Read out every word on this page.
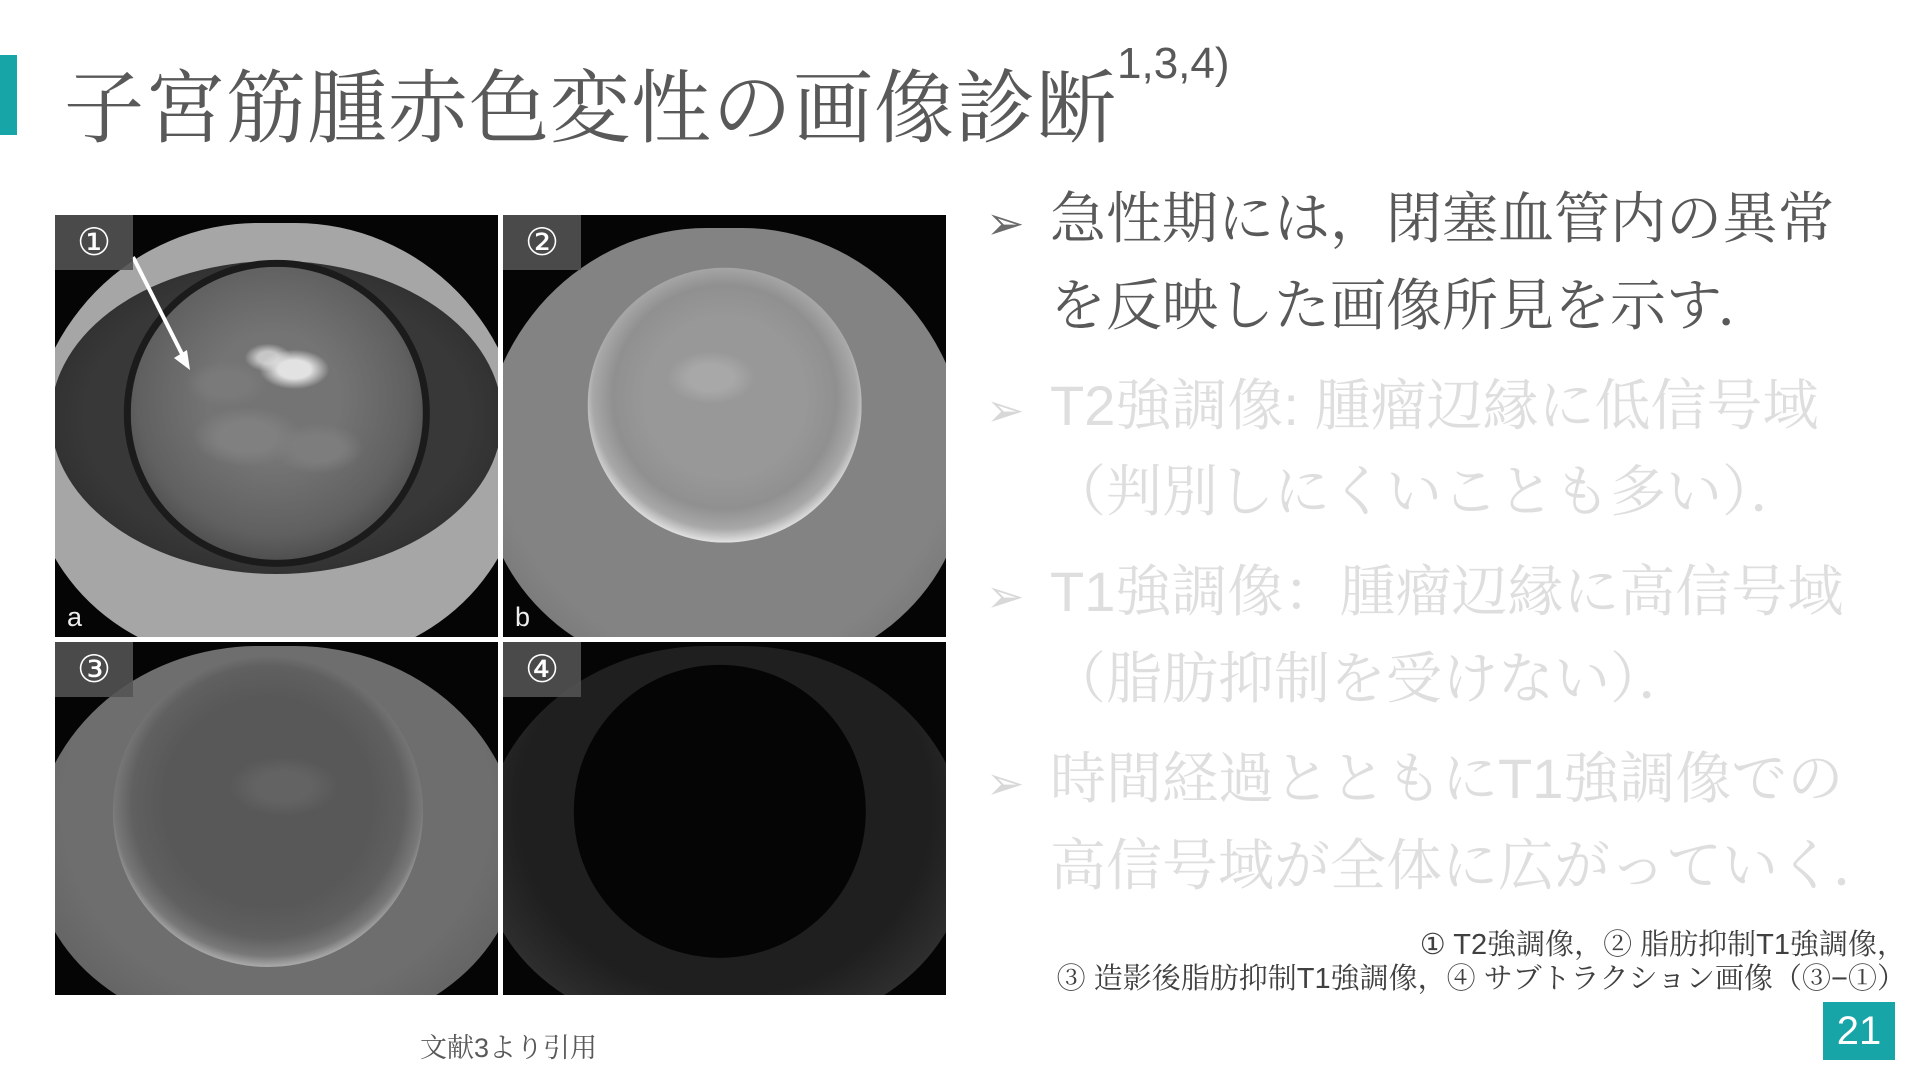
子宮筋腫赤色変性の画像診断$^{1,3,4)}$
①
a
②
b
③	④
➢ 急性期には，閉塞血管内の異常
を反映した画像所見を示す．
➢ T2強調像: 腫瘤辺縁に低信号域
（判別しにくいことも多い）．
➢ T1強調像：腫瘤辺縁に高信号域
（脂肪抑制を受けない）．
➢ 時間経過とともにT1強調像での
高信号域が全体に広がっていく．
① T2強調像，② 脂肪抑制T1強調像，
③ 造影後脂肪抑制T1強調像，④ サブトラクション画像（③−①）
文献3より引用	21
